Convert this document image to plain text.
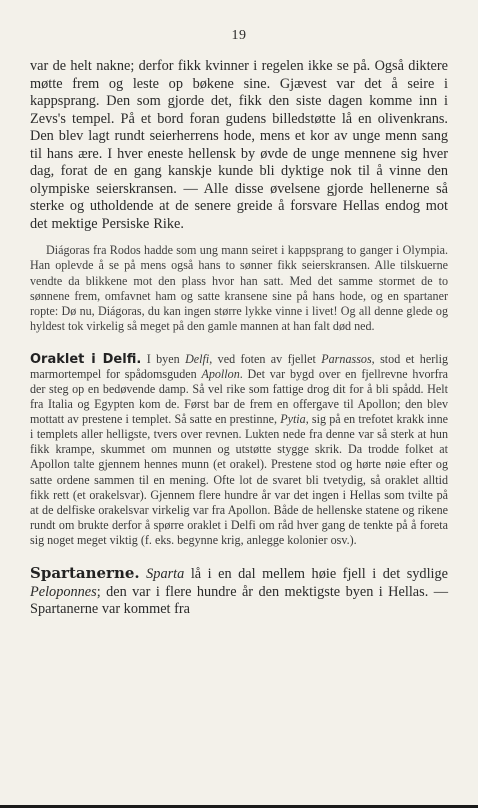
19

var de helt nakne; derfor fikk kvinner i regelen ikke se på. Også diktere møtte frem og leste op bøkene sine. Gjævest var det å seire i kappsprang. Den som gjorde det, fikk den siste dagen komme inn i Zevs's tempel. På et bord foran gudens billedstøtte lå en olivenkrans. Den blev lagt rundt seierherrens hode, mens et kor av unge menn sang til hans ære. I hver eneste hellensk by øvde de unge mennene sig hver dag, forat de en gang kanskje kunde bli dyktige nok til å vinne den olympiske seierskransen. — Alle disse øvelsene gjorde hellenerne så sterke og utholdende at de senere greide å forsvare Hellas endog mot det mektige Persiske Rike.

Diágoras fra Rodos hadde som ung mann seiret i kappsprang to ganger i Olympia. Han oplevde å se på mens også hans to sønner fikk seierskransen. Alle tilskuerne vendte da blikkene mot den plass hvor han satt. Med det samme stormet de to sønnene frem, omfavnet ham og satte kransene sine på hans hode, og en spartaner ropte: Dø nu, Diágoras, du kan ingen større lykke vinne i livet! Og all denne glede og hyldest tok virkelig så meget på den gamle mannen at han falt død ned.

Oraklet i Delfi. I byen Delfi, ved foten av fjellet Parnassos, stod et herlig marmortempel for spådomsguden Apollon. Det var bygd over en fjellrevne hvorfra der steg op en bedøvende damp. Så vel rike som fattige drog dit for å bli spådd. Helt fra Italia og Egypten kom de. Først bar de frem en offergave til Apollon; den blev mottatt av prestene i templet. Så satte en prestinne, Pytia, sig på en trefotet krakk inne i templets aller helligste, tvers over revnen. Lukten nede fra denne var så sterk at hun fikk krampe, skummet om munnen og utstøtte stygge skrik. Da trodde folket at Apollon talte gjennem hennes munn (et orakel). Prestene stod og hørte nøie efter og satte ordene sammen til en mening. Ofte lot de svaret bli tvetydig, så oraklet alltid fikk rett (et orakelsvar). Gjennem flere hundre år var det ingen i Hellas som tvilte på at de delfiske orakelsvar virkelig var fra Apollon. Både de hellenske statene og rikene rundt om brukte derfor å spørre oraklet i Delfi om råd hver gang de tenkte på å foreta sig noget meget viktig (f. eks. begynne krig, anlegge kolonier osv.).

Spartanerne. Sparta lå i en dal mellem høie fjell i det sydlige Peloponnes; den var i flere hundre år den mektigste byen i Hellas. — Spartanerne var kommet fra
